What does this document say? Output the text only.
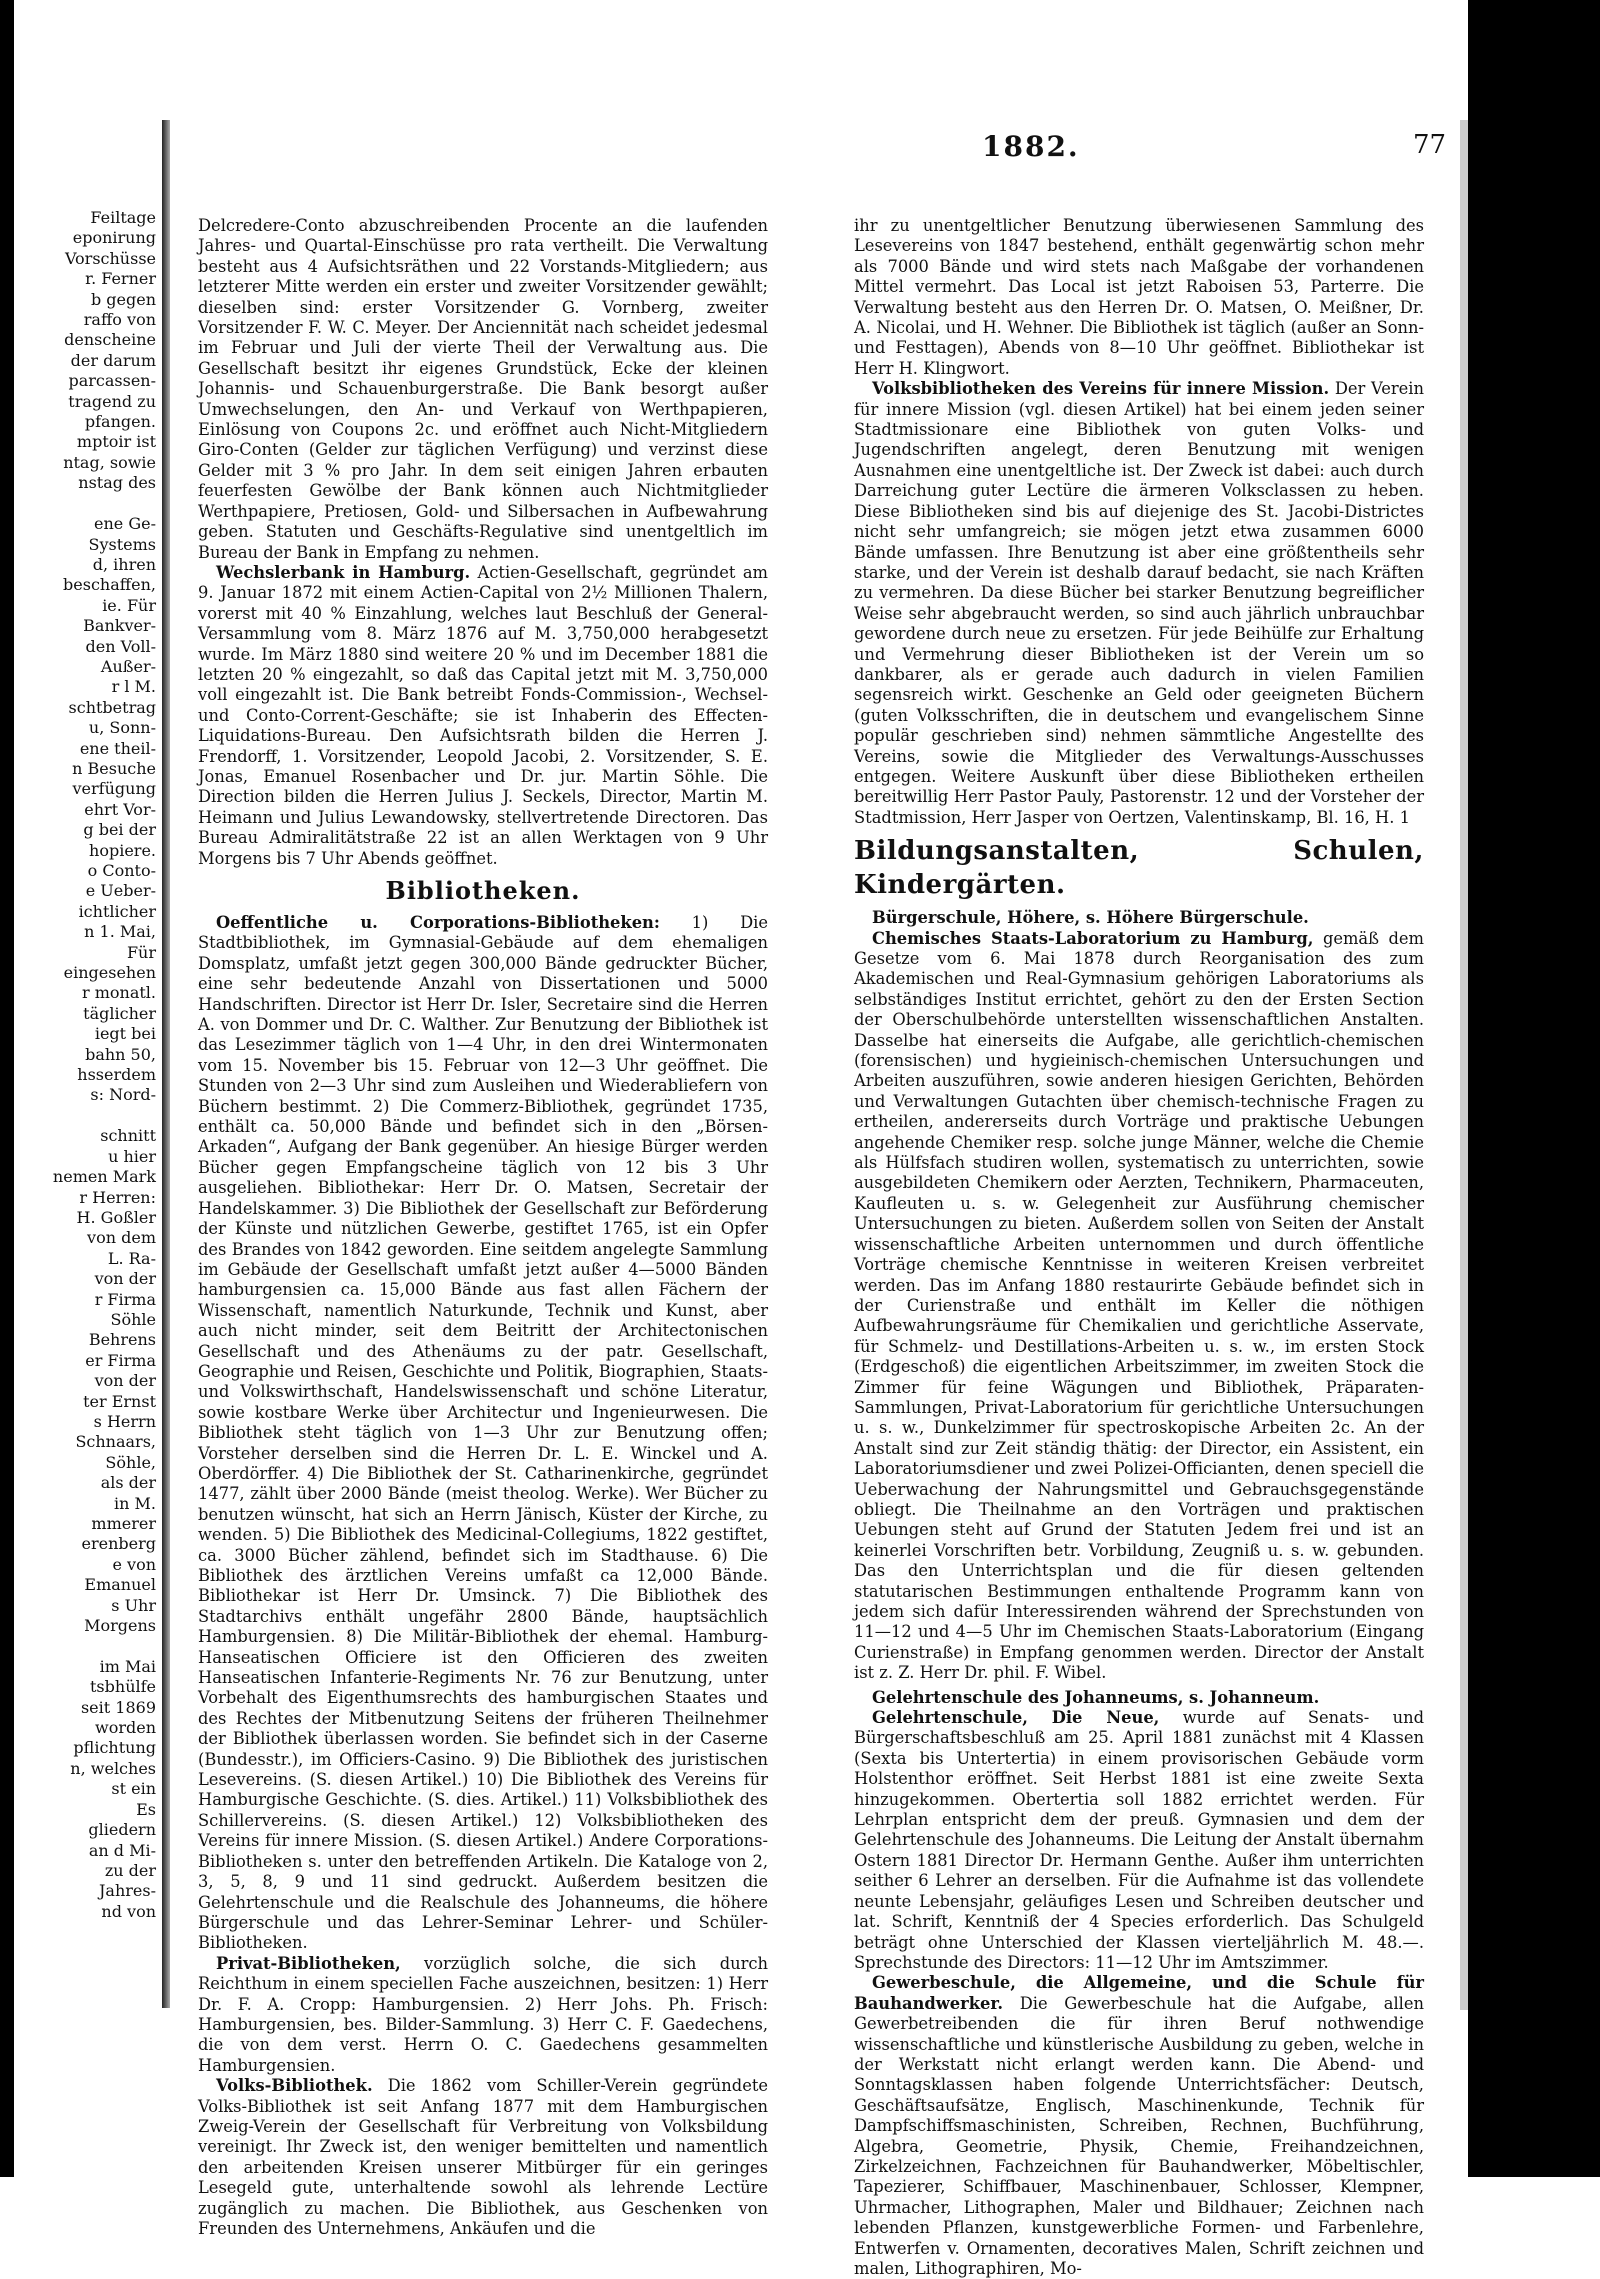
Feiltage
eponirung
Vorschüsse
r. Ferner
b gegen
raffo von
denscheine
der darum
parcassen-
tragend zu
pfangen.
mptoir ist
ntag, sowie
nstag des

ene Ge-
Systems
d, ihren
beschaffen,
ie. Für
Bankver-
den Voll-
Außer-
r l M.
schtbetrag
u, Sonn-
ene theil-
n Besuche
verfügung
ehrt Vor-
g bei der
hopiere.
o Conto-
e Ueber-
ichtlicher
n 1. Mai,
Für
eingesehen
r monatl.
täglicher
iegt bei
bahn 50,
hsserdem
s: Nord-

schnitt
u hier
nemen Mark
r Herren:
H. Goßler
von dem
L. Ra-
von der
r Firma
Söhle
Behrens
er Firma
von der
ter Ernst
s Herrn
Schnaars,
Söhle,
als der
in M.
mmerer
erenberg
e von
Emanuel
s Uhr
Morgens

im Mai
tsbhülfe
seit 1869
worden
pflichtung
n, welches
st ein
Es
gliedern
an d Mi-
zu der
Jahres-
nd von
1882.	77

Delcredere-Conto abzuschreibenden Procente an die laufenden Jahres- und Quartal-Einschüsse pro rata vertheilt. Die Verwaltung besteht aus 4 Aufsichtsräthen und 22 Vorstands-Mitgliedern; aus letzterer Mitte werden ein erster und zweiter Vorsitzender gewählt; dieselben sind: erster Vorsitzender G. Vornberg, zweiter Vorsitzender F. W. C. Meyer. Der Anciennität nach scheidet jedesmal im Februar und Juli der vierte Theil der Verwaltung aus. Die Gesellschaft besitzt ihr eigenes Grundstück, Ecke der kleinen Johannis- und Schauenburgerstraße. Die Bank besorgt außer Umwechselungen, den An- und Verkauf von Werthpapieren, Einlösung von Coupons 2c. und eröffnet auch Nicht-Mitgliedern Giro-Conten (Gelder zur täglichen Verfügung) und verzinst diese Gelder mit 3 % pro Jahr. In dem seit einigen Jahren erbauten feuerfesten Gewölbe der Bank können auch Nichtmitglieder Werthpapiere, Pretiosen, Gold- und Silbersachen in Aufbewahrung geben. Statuten und Geschäfts-Regulative sind unentgeltlich im Bureau der Bank in Empfang zu nehmen.

Wechslerbank in Hamburg. Actien-Gesellschaft, gegründet am 9. Januar 1872 mit einem Actien-Capital von 2½ Millionen Thalern, vorerst mit 40 % Einzahlung, welches laut Beschluß der General-Versammlung vom 8. März 1876 auf M. 3,750,000 herabgesetzt wurde. Im März 1880 sind weitere 20 % und im December 1881 die letzten 20 % eingezahlt, so daß das Capital jetzt mit M. 3,750,000 voll eingezahlt ist. Die Bank betreibt Fonds-Commission-, Wechsel- und Conto-Corrent-Geschäfte; sie ist Inhaberin des Effecten-Liquidations-Bureau. Den Aufsichtsrath bilden die Herren J. Frendorff, 1. Vorsitzender, Leopold Jacobi, 2. Vorsitzender, S. E. Jonas, Emanuel Rosenbacher und Dr. jur. Martin Söhle. Die Direction bilden die Herren Julius J. Seckels, Director, Martin M. Heimann und Julius Lewandowsky, stellvertretende Directoren. Das Bureau Admiralitätstraße 22 ist an allen Werktagen von 9 Uhr Morgens bis 7 Uhr Abends geöffnet.

Bibliotheken.

Oeffentliche u. Corporations-Bibliotheken: 1) Die Stadtbibliothek, im Gymnasial-Gebäude auf dem ehemaligen Domsplatz, umfaßt jetzt gegen 300,000 Bände gedruckter Bücher, eine sehr bedeutende Anzahl von Dissertationen und 5000 Handschriften. Director ist Herr Dr. Isler, Secretaire sind die Herren A. von Dommer und Dr. C. Walther. Zur Benutzung der Bibliothek ist das Lesezimmer täglich von 1—4 Uhr, in den drei Wintermonaten vom 15. November bis 15. Februar von 12—3 Uhr geöffnet. Die Stunden von 2—3 Uhr sind zum Ausleihen und Wiederabliefern von Büchern bestimmt. 2) Die Commerz-Bibliothek, gegründet 1735, enthält ca. 50,000 Bände und befindet sich in den „Börsen-Arkaden“, Aufgang der Bank gegenüber. An hiesige Bürger werden Bücher gegen Empfangscheine täglich von 12 bis 3 Uhr ausgeliehen. Bibliothekar: Herr Dr. O. Matsen, Secretair der Handelskammer. 3) Die Bibliothek der Gesellschaft zur Beförderung der Künste und nützlichen Gewerbe, gestiftet 1765, ist ein Opfer des Brandes von 1842 geworden. Eine seitdem angelegte Sammlung im Gebäude der Gesellschaft umfaßt jetzt außer 4—5000 Bänden hamburgensien ca. 15,000 Bände aus fast allen Fächern der Wissenschaft, namentlich Naturkunde, Technik und Kunst, aber auch nicht minder, seit dem Beitritt der Architectonischen Gesellschaft und des Athenäums zu der patr. Gesellschaft, Geographie und Reisen, Geschichte und Politik, Biographien, Staats- und Volkswirthschaft, Handelswissenschaft und schöne Literatur, sowie kostbare Werke über Architectur und Ingenieurwesen. Die Bibliothek steht täglich von 1—3 Uhr zur Benutzung offen; Vorsteher derselben sind die Herren Dr. L. E. Winckel und A. Oberdörffer. 4) Die Bibliothek der St. Catharinenkirche, gegründet 1477, zählt über 2000 Bände (meist theolog. Werke). Wer Bücher zu benutzen wünscht, hat sich an Herrn Jänisch, Küster der Kirche, zu wenden. 5) Die Bibliothek des Medicinal-Collegiums, 1822 gestiftet, ca. 3000 Bücher zählend, befindet sich im Stadthause. 6) Die Bibliothek des ärztlichen Vereins umfaßt ca 12,000 Bände. Bibliothekar ist Herr Dr. Umsinck. 7) Die Bibliothek des Stadtarchivs enthält ungefähr 2800 Bände, hauptsächlich Hamburgensien. 8) Die Militär-Bibliothek der ehemal. Hamburg-Hanseatischen Officiere ist den Officieren des zweiten Hanseatischen Infanterie-Regiments Nr. 76 zur Benutzung, unter Vorbehalt des Eigenthumsrechts des hamburgischen Staates und des Rechtes der Mitbenutzung Seitens der früheren Theilnehmer der Bibliothek überlassen worden. Sie befindet sich in der Caserne (Bundesstr.), im Officiers-Casino. 9) Die Bibliothek des juristischen Lesevereins. (S. diesen Artikel.) 10) Die Bibliothek des Vereins für Hamburgische Geschichte. (S. dies. Artikel.) 11) Volksbibliothek des Schillervereins. (S. diesen Artikel.) 12) Volksbibliotheken des Vereins für innere Mission. (S. diesen Artikel.) Andere Corporations-Bibliotheken s. unter den betreffenden Artikeln. Die Kataloge von 2, 3, 5, 8, 9 und 11 sind gedruckt. Außerdem besitzen die Gelehrtenschule und die Realschule des Johanneums, die höhere Bürgerschule und das Lehrer-Seminar Lehrer- und Schüler-Bibliotheken.

Privat-Bibliotheken, vorzüglich solche, die sich durch Reichthum in einem speciellen Fache auszeichnen, besitzen: 1) Herr Dr. F. A. Cropp: Hamburgensien. 2) Herr Johs. Ph. Frisch: Hamburgensien, bes. Bilder-Sammlung. 3) Herr C. F. Gaedechens, die von dem verst. Herrn O. C. Gaedechens gesammelten Hamburgensien.

Volks-Bibliothek. Die 1862 vom Schiller-Verein gegründete Volks-Bibliothek ist seit Anfang 1877 mit dem Hamburgischen Zweig-Verein der Gesellschaft für Verbreitung von Volksbildung vereinigt. Ihr Zweck ist, den weniger bemittelten und namentlich den arbeitenden Kreisen unserer Mitbürger für ein geringes Lesegeld gute, unterhaltende sowohl als lehrende Lectüre zugänglich zu machen. Die Bibliothek, aus Geschenken von Freunden des Unternehmens, Ankäufen und die

ihr zu unentgeltlicher Benutzung überwiesenen Sammlung des Lesevereins von 1847 bestehend, enthält gegenwärtig schon mehr als 7000 Bände und wird stets nach Maßgabe der vorhandenen Mittel vermehrt. Das Local ist jetzt Raboisen 53, Parterre. Die Verwaltung besteht aus den Herren Dr. O. Matsen, O. Meißner, Dr. A. Nicolai, und H. Wehner. Die Bibliothek ist täglich (außer an Sonn- und Festtagen), Abends von 8—10 Uhr geöffnet. Bibliothekar ist Herr H. Klingwort.

Volksbibliotheken des Vereins für innere Mission. Der Verein für innere Mission (vgl. diesen Artikel) hat bei einem jeden seiner Stadtmissionare eine Bibliothek von guten Volks- und Jugendschriften angelegt, deren Benutzung mit wenigen Ausnahmen eine unentgeltliche ist. Der Zweck ist dabei: auch durch Darreichung guter Lectüre die ärmeren Volksclassen zu heben. Diese Bibliotheken sind bis auf diejenige des St. Jacobi-Districtes nicht sehr umfangreich; sie mögen jetzt etwa zusammen 6000 Bände umfassen. Ihre Benutzung ist aber eine größtentheils sehr starke, und der Verein ist deshalb darauf bedacht, sie nach Kräften zu vermehren. Da diese Bücher bei starker Benutzung begreiflicher Weise sehr abgebraucht werden, so sind auch jährlich unbrauchbar gewordene durch neue zu ersetzen. Für jede Beihülfe zur Erhaltung und Vermehrung dieser Bibliotheken ist der Verein um so dankbarer, als er gerade auch dadurch in vielen Familien segensreich wirkt. Geschenke an Geld oder geeigneten Büchern (guten Volksschriften, die in deutschem und evangelischem Sinne populär geschrieben sind) nehmen sämmtliche Angestellte des Vereins, sowie die Mitglieder des Verwaltungs-Ausschusses entgegen. Weitere Auskunft über diese Bibliotheken ertheilen bereitwillig Herr Pastor Pauly, Pastorenstr. 12 und der Vorsteher der Stadtmission, Herr Jasper von Oertzen, Valentinskamp, Bl. 16, H. 1

Bildungsanstalten, Schulen, Kindergärten.

Bürgerschule, Höhere, s. Höhere Bürgerschule.

Chemisches Staats-Laboratorium zu Hamburg, gemäß dem Gesetze vom 6. Mai 1878 durch Reorganisation des zum Akademischen und Real-Gymnasium gehörigen Laboratoriums als selbständiges Institut errichtet, gehört zu den der Ersten Section der Oberschulbehörde unterstellten wissenschaftlichen Anstalten. Dasselbe hat einerseits die Aufgabe, alle gerichtlich-chemischen (forensischen) und hygieinisch-chemischen Untersuchungen und Arbeiten auszuführen, sowie anderen hiesigen Gerichten, Behörden und Verwaltungen Gutachten über chemisch-technische Fragen zu ertheilen, andererseits durch Vorträge und praktische Uebungen angehende Chemiker resp. solche junge Männer, welche die Chemie als Hülfsfach studiren wollen, systematisch zu unterrichten, sowie ausgebildeten Chemikern oder Aerzten, Technikern, Pharmaceuten, Kaufleuten u. s. w. Gelegenheit zur Ausführung chemischer Untersuchungen zu bieten. Außerdem sollen von Seiten der Anstalt wissenschaftliche Arbeiten unternommen und durch öffentliche Vorträge chemische Kenntnisse in weiteren Kreisen verbreitet werden. Das im Anfang 1880 restaurirte Gebäude befindet sich in der Curienstraße und enthält im Keller die nöthigen Aufbewahrungsräume für Chemikalien und gerichtliche Asservate, für Schmelz- und Destillations-Arbeiten u. s. w., im ersten Stock (Erdgeschoß) die eigentlichen Arbeitszimmer, im zweiten Stock die Zimmer für feine Wägungen und Bibliothek, Präparaten-Sammlungen, Privat-Laboratorium für gerichtliche Untersuchungen u. s. w., Dunkelzimmer für spectroskopische Arbeiten 2c. An der Anstalt sind zur Zeit ständig thätig: der Director, ein Assistent, ein Laboratoriumsdiener und zwei Polizei-Officianten, denen speciell die Ueberwachung der Nahrungsmittel und Gebrauchsgegenstände obliegt. Die Theilnahme an den Vorträgen und praktischen Uebungen steht auf Grund der Statuten Jedem frei und ist an keinerlei Vorschriften betr. Vorbildung, Zeugniß u. s. w. gebunden. Das den Unterrichtsplan und die für diesen geltenden statutarischen Bestimmungen enthaltende Programm kann von jedem sich dafür Interessirenden während der Sprechstunden von 11—12 und 4—5 Uhr im Chemischen Staats-Laboratorium (Eingang Curienstraße) in Empfang genommen werden. Director der Anstalt ist z. Z. Herr Dr. phil. F. Wibel.

Gelehrtenschule des Johanneums, s. Johanneum.

Gelehrtenschule, Die Neue, wurde auf Senats- und Bürgerschaftsbeschluß am 25. April 1881 zunächst mit 4 Klassen (Sexta bis Untertertia) in einem provisorischen Gebäude vorm Holstenthor eröffnet. Seit Herbst 1881 ist eine zweite Sexta hinzugekommen. Obertertia soll 1882 errichtet werden. Für Lehrplan entspricht dem der preuß. Gymnasien und dem der Gelehrtenschule des Johanneums. Die Leitung der Anstalt übernahm Ostern 1881 Director Dr. Hermann Genthe. Außer ihm unterrichten seither 6 Lehrer an derselben. Für die Aufnahme ist das vollendete neunte Lebensjahr, geläufiges Lesen und Schreiben deutscher und lat. Schrift, Kenntniß der 4 Species erforderlich. Das Schulgeld beträgt ohne Unterschied der Klassen vierteljährlich M. 48.—. Sprechstunde des Directors: 11—12 Uhr im Amtszimmer.

Gewerbeschule, die Allgemeine, und die Schule für Bauhandwerker. Die Gewerbeschule hat die Aufgabe, allen Gewerbetreibenden die für ihren Beruf nothwendige wissenschaftliche und künstlerische Ausbildung zu geben, welche in der Werkstatt nicht erlangt werden kann. Die Abend- und Sonntagsklassen haben folgende Unterrichtsfächer: Deutsch, Geschäftsaufsätze, Englisch, Maschinenkunde, Technik für Dampfschiffsmaschinisten, Schreiben, Rechnen, Buchführung, Algebra, Geometrie, Physik, Chemie, Freihandzeichnen, Zirkelzeichnen, Fachzeichnen für Bauhandwerker, Möbeltischler, Tapezierer, Schiffbauer, Maschinenbauer, Schlosser, Klempner, Uhrmacher, Lithographen, Maler und Bildhauer; Zeichnen nach lebenden Pflanzen, kunstgewerbliche Formen- und Farbenlehre, Entwerfen v. Ornamenten, decoratives Malen, Schrift zeichnen und malen, Lithographiren, Mo-
